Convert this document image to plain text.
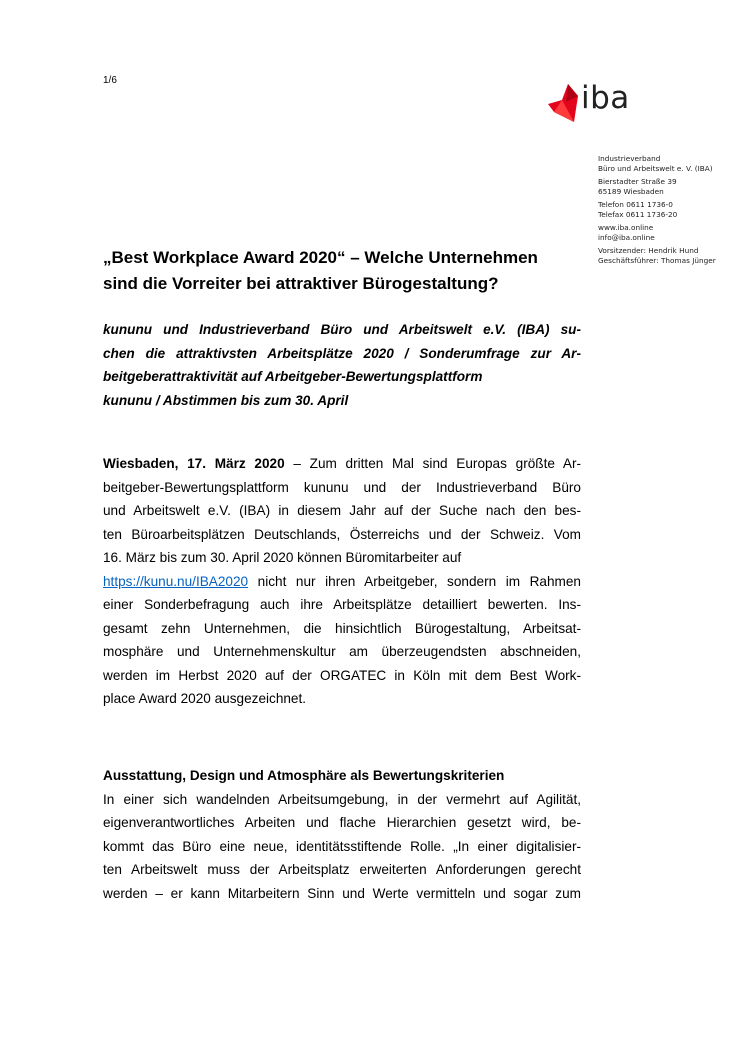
1/6	iba
Industrieverband
Büro und Arbeitswelt e. V. (IBA)
Bierstadter Straße 39
65189 Wiesbaden
Telefon 0611 1736-0
Telefax 0611 1736-20
www.iba.online
info@iba.online
Vorsitzender: Hendrik Hund
Geschäftsführer: Thomas Jünger
„Best Workplace Award 2020“ – Welche Unternehmen
sind die Vorreiter bei attraktiver Bürogestaltung?
kununu und Industrieverband Büro und Arbeitswelt e.V. (IBA) su-
chen die attraktivsten Arbeitsplätze 2020 / Sonderumfrage zur Ar-
beitgeberattraktivität auf Arbeitgeber-Bewertungsplattform
kununu / Abstimmen bis zum 30. April
Wiesbaden, 17. März 2020 – Zum dritten Mal sind Europas größte Ar-
beitgeber-Bewertungsplattform kununu und der Industrieverband Büro
und Arbeitswelt e.V. (IBA) in diesem Jahr auf der Suche nach den bes-
ten Büroarbeitsplätzen Deutschlands, Österreichs und der Schweiz. Vom
16. März bis zum 30. April 2020 können Büromitarbeiter auf
https://kunu.nu/IBA2020 nicht nur ihren Arbeitgeber, sondern im Rahmen
einer Sonderbefragung auch ihre Arbeitsplätze detailliert bewerten. Ins-
gesamt zehn Unternehmen, die hinsichtlich Bürogestaltung, Arbeitsat-
mosphäre und Unternehmenskultur am überzeugendsten abschneiden,
werden im Herbst 2020 auf der ORGATEC in Köln mit dem Best Work-
place Award 2020 ausgezeichnet.
Ausstattung, Design und Atmosphäre als Bewertungskriterien
In einer sich wandelnden Arbeitsumgebung, in der vermehrt auf Agilität,
eigenverantwortliches Arbeiten und flache Hierarchien gesetzt wird, be-
kommt das Büro eine neue, identitätsstiftende Rolle. „In einer digitalisier-
ten Arbeitswelt muss der Arbeitsplatz erweiterten Anforderungen gerecht
werden – er kann Mitarbeitern Sinn und Werte vermitteln und sogar zum
